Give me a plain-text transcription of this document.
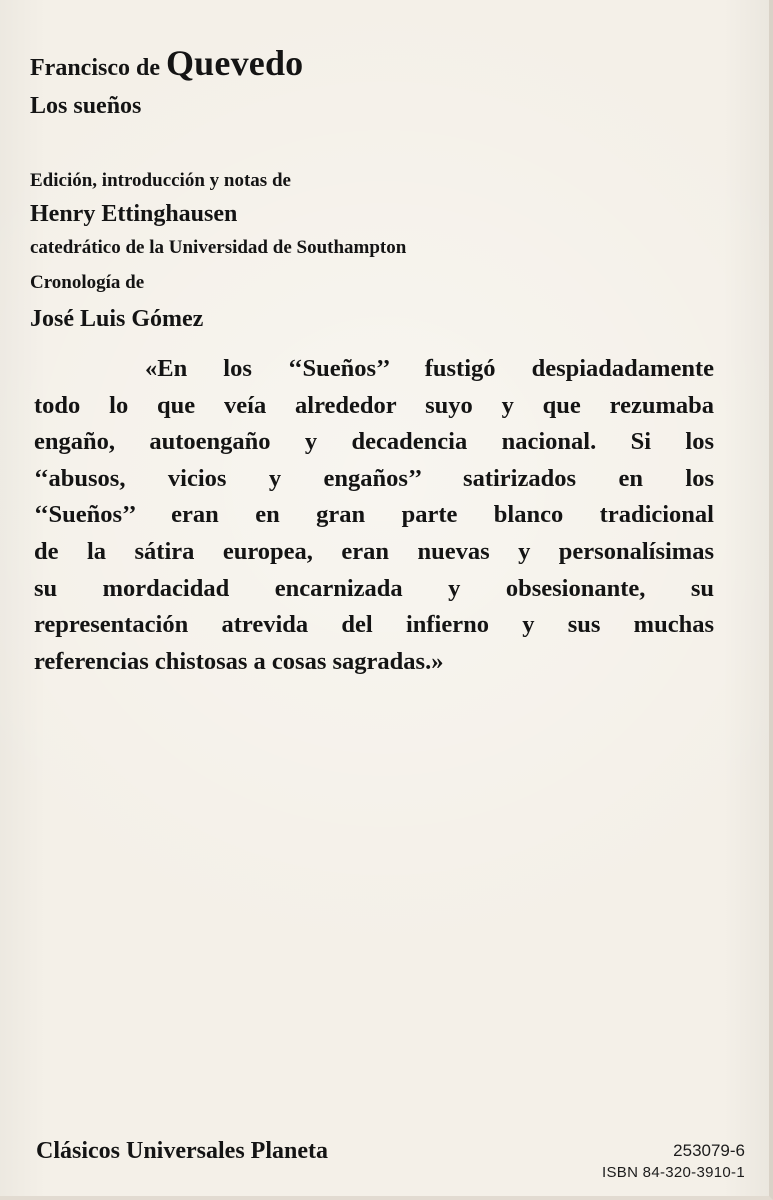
Francisco de Quevedo
Los sueños
Edición, introducción y notas de
Henry Ettinghausen
catedrático de la Universidad de Southampton
Cronología de
José Luis Gómez

«En los ‘‘Sueños’’ fustigó despiadadamente
todo lo que veía alrededor suyo y que rezumaba
engaño, autoengaño y decadencia nacional. Si los
‘‘abusos, vicios y engaños’’ satirizados en los
‘‘Sueños’’ eran en gran parte blanco tradicional
de la sátira europea, eran nuevas y personalísimas
su mordacidad encarnizada y obsesionante, su
representación atrevida del infierno y sus muchas
referencias chistosas a cosas sagradas.»

Clásicos Universales Planeta	253079-6
ISBN 84-320-3910-1
